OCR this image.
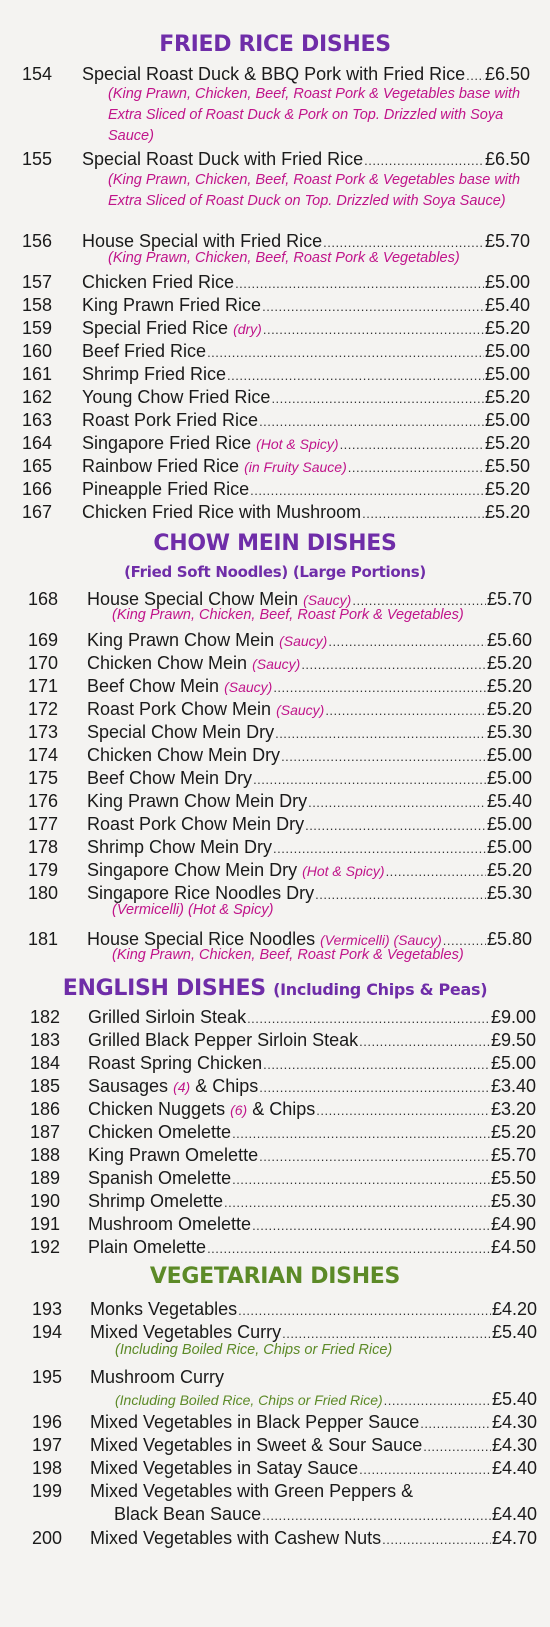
FRIED RICE DISHES
CHOW MEIN DISHES
(Fried Soft Noodles) (Large Portions)
ENGLISH DISHES (Including Chips & Peas)
VEGETARIAN DISHES
154 Special Roast Duck & BBQ Pork with Fried Rice ..... £6.50
(King Prawn, Chicken, Beef, Roast Pork & Vegetables base with Extra Sliced of Roast Duck & Pork on Top. Drizzled with Soya Sauce)
155 Special Roast Duck with Fried Rice .....	£6.50
(King Prawn, Chicken, Beef, Roast Pork & Vegetables base with Extra Sliced of Roast Duck on Top. Drizzled with Soya Sauce)
156 House Special with Fried Rice .....	£5.70
(King Prawn, Chicken, Beef, Roast Pork & Vegetables)
157 Chicken Fried Rice .....	£5.00
158 King Prawn Fried Rice .....	£5.40
159 Special Fried Rice (dry) .....	£5.20
160 Beef Fried Rice .....	£5.00
161 Shrimp Fried Rice .....	£5.00
162 Young Chow Fried Rice .....	£5.20
163 Roast Pork Fried Rice .....	£5.00
164 Singapore Fried Rice (Hot & Spicy) .....	£5.20
165 Rainbow Fried Rice (in Fruity Sauce) .....	£5.50
166 Pineapple Fried Rice .....	£5.20
167 Chicken Fried Rice with Mushroom .....	£5.20
168 House Special Chow Mein (Saucy) .....	£5.70
(King Prawn, Chicken, Beef, Roast Pork & Vegetables)
169 King Prawn Chow Mein (Saucy) .....	£5.60
170 Chicken Chow Mein (Saucy) .....	£5.20
171 Beef Chow Mein (Saucy) .....	£5.20
172 Roast Pork Chow Mein (Saucy) .....	£5.20
173 Special Chow Mein Dry .....	£5.30
174 Chicken Chow Mein Dry .....	£5.00
175 Beef Chow Mein Dry .....	£5.00
176 King Prawn Chow Mein Dry .....	£5.40
177 Roast Pork Chow Mein Dry .....	£5.00
178 Shrimp Chow Mein Dry .....	£5.00
179 Singapore Chow Mein Dry (Hot & Spicy) .....	£5.20
180 Singapore Rice Noodles Dry .....	£5.30
(Vermicelli) (Hot & Spicy)
181 House Special Rice Noodles (Vermicelli) (Saucy) .....	£5.80
(King Prawn, Chicken, Beef, Roast Pork & Vegetables)
182 Grilled Sirloin Steak .....	£9.00
183 Grilled Black Pepper Sirloin Steak .....	£9.50
184 Roast Spring Chicken .....	£5.00
185 Sausages (4) & Chips .....	£3.40
186 Chicken Nuggets (6) & Chips .....	£3.20
187 Chicken Omelette .....	£5.20
188 King Prawn Omelette .....	£5.70
189 Spanish Omelette .....	£5.50
190 Shrimp Omelette .....	£5.30
191 Mushroom Omelette .....	£4.90
192 Plain Omelette .....	£4.50
193 Monks Vegetables .....	£4.20
194 Mixed Vegetables Curry .....	£5.40
(Including Boiled Rice, Chips or Fried Rice)
195 Mushroom Curry
(Including Boiled Rice, Chips or Fried Rice) .....	£5.40
196 Mixed Vegetables in Black Pepper Sauce .....	£4.30
197 Mixed Vegetables in Sweet & Sour Sauce .....	£4.30
198 Mixed Vegetables in Satay Sauce .....	£4.40
199 Mixed Vegetables with Green Peppers &
Black Bean Sauce .....	£4.40
200 Mixed Vegetables with Cashew Nuts .....	£4.70
